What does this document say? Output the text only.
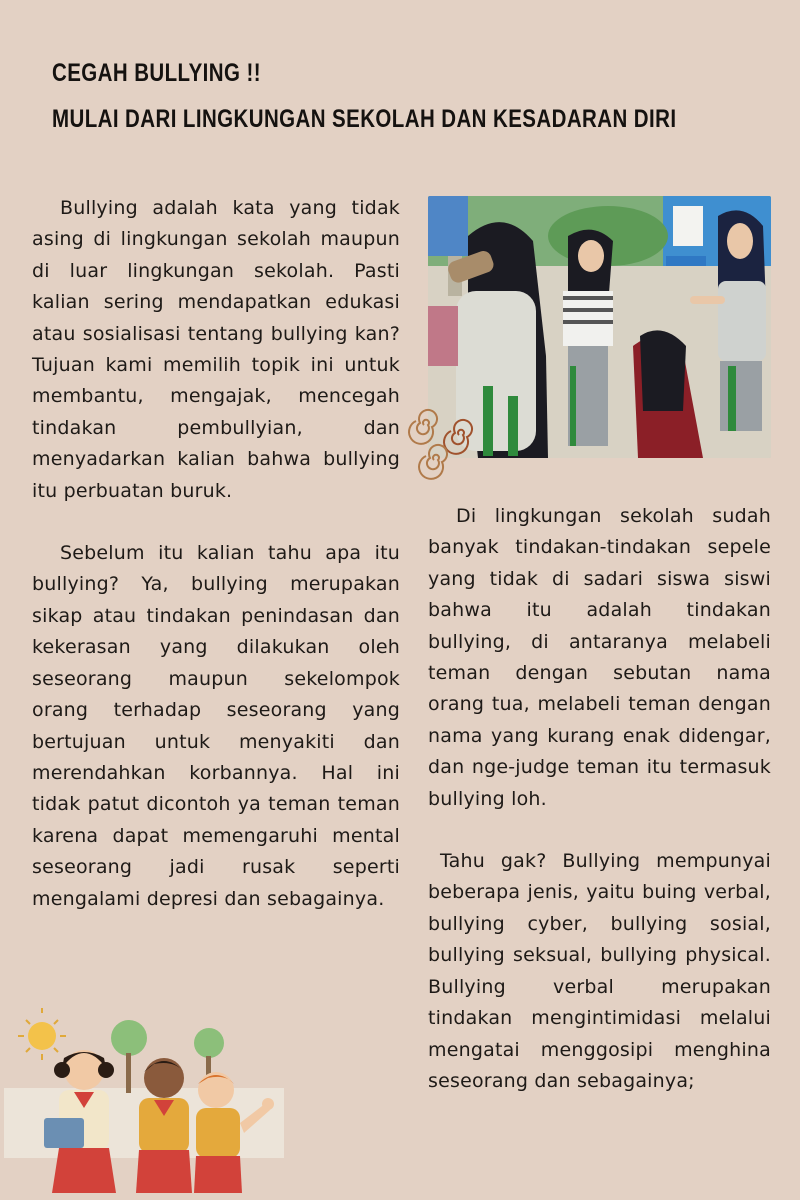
CEGAH BULLYING !!
MULAI DARI LINGKUNGAN SEKOLAH DAN KESADARAN DIRI

Bullying adalah kata yang tidak asing di lingkungan sekolah maupun di luar lingkungan sekolah. Pasti kalian sering mendapatkan edukasi atau sosialisasi tentang bullying kan? Tujuan kami memilih topik ini untuk membantu, mengajak, mencegah tindakan pembullyian, dan menyadarkan kalian bahwa bullying itu perbuatan buruk.

Sebelum itu kalian tahu apa itu bullying? Ya, bullying merupakan sikap atau tindakan penindasan dan kekerasan yang dilakukan oleh seseorang maupun sekelompok orang terhadap seseorang yang bertujuan untuk menyakiti dan merendahkan korbannya. Hal ini tidak patut dicontoh ya teman teman karena dapat memengaruhi mental seseorang jadi rusak seperti mengalami depresi dan sebagainya.

Di lingkungan sekolah sudah banyak tindakan-tindakan sepele yang tidak di sadari siswa siswi bahwa itu adalah tindakan bullying, di antaranya melabeli teman dengan sebutan nama orang tua, melabeli teman dengan nama yang kurang enak didengar, dan nge-judge teman itu termasuk bullying loh.

Tahu gak? Bullying mempunyai beberapa jenis, yaitu buing verbal, bullying cyber, bullying sosial, bullying seksual, bullying physical. Bullying verbal merupakan tindakan mengintimidasi melalui mengatai menggosipi menghina seseorang dan sebagainya;
